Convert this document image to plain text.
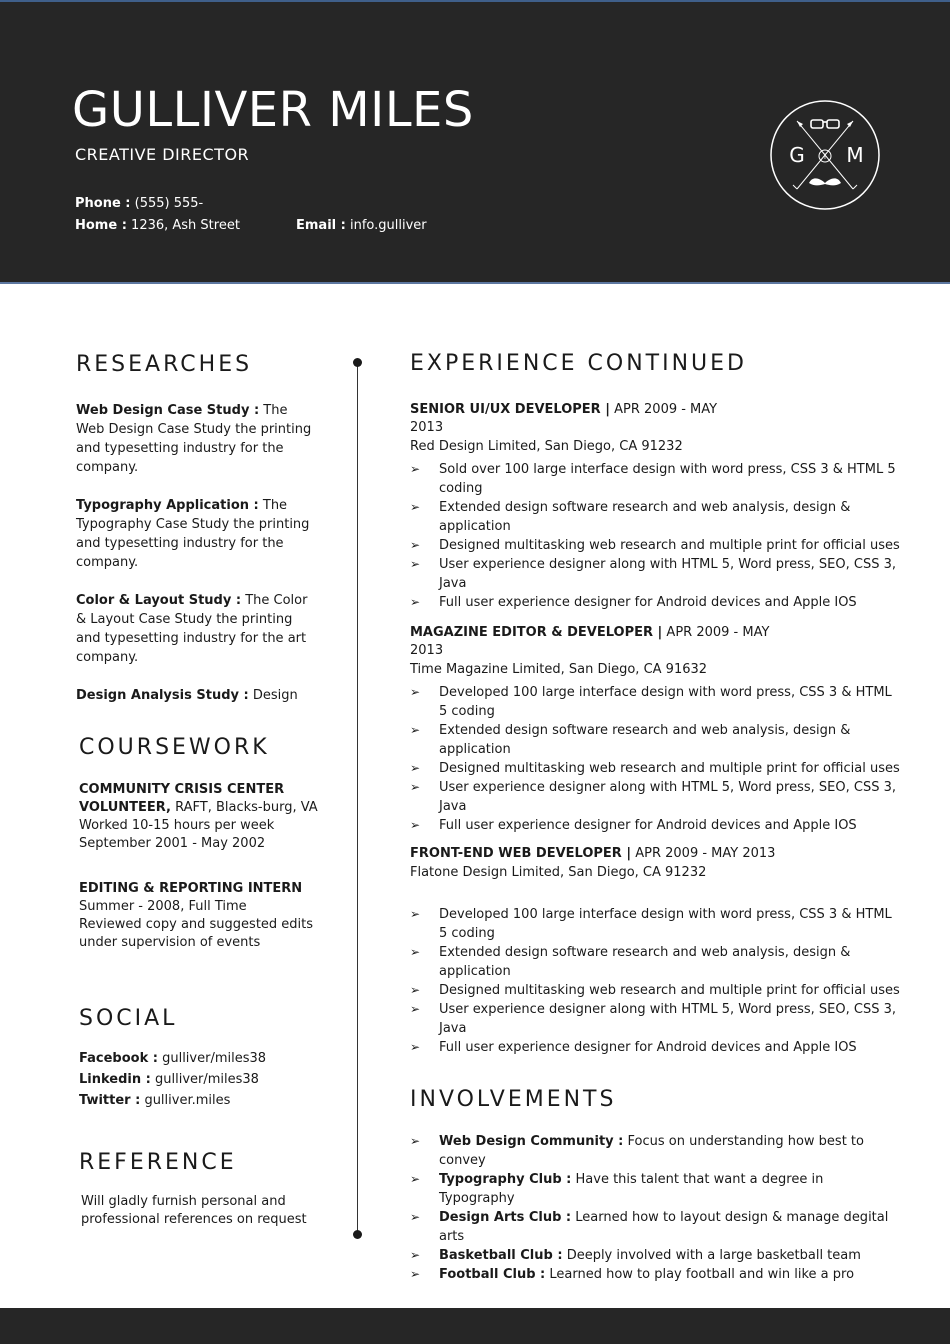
GULLIVER MILES
CREATIVE DIRECTOR
Phone : (555) 555-
Home : 1236, Ash Street	Email : info.gulliver
i
G M
RESEARCHES

Web Design Case Study : The Web Design Case Study the printing and typesetting industry for the company.

Typography Application : The Typography Case Study the printing and typesetting industry for the company.

Color & Layout Study : The Color & Layout Case Study the printing and typesetting industry for the art company.

Design Analysis Study : Design

COURSEWORK
COMMUNITY CRISIS CENTER VOLUNTEER, RAFT, Blacks-burg, VA
Worked 10-15 hours per week
September 2001 - May 2002
EDITING & REPORTING INTERN
Summer - 2008, Full Time
Reviewed copy and suggested edits under supervision of events
SOCIAL
Facebook : gulliver/miles38
Linkedin : gulliver/miles38
Twitter : gulliver.miles
REFERENCE
Will gladly furnish personal and professional references on request
EXPERIENCE CONTINUED
SENIOR UI/UX DEVELOPER | APR 2009 - MAY 2013
Red Design Limited, San Diego, CA 91232
➢ Sold over 100 large interface design with word press, CSS 3 & HTML 5 coding
➢ Extended design software research and web analysis, design & application
➢ Designed multitasking web research and multiple print for official uses
➢ User experience designer along with HTML 5, Word press, SEO, CSS 3, Java
➢ Full user experience designer for Android devices and Apple IOS
MAGAZINE EDITOR & DEVELOPER | APR 2009 - MAY 2013
Time Magazine Limited, San Diego, CA 91632
➢ Developed 100 large interface design with word press, CSS 3 & HTML 5 coding
➢ Extended design software research and web analysis, design & application
➢ Designed multitasking web research and multiple print for official uses
➢ User experience designer along with HTML 5, Word press, SEO, CSS 3, Java
➢ Full user experience designer for Android devices and Apple IOS
FRONT-END WEB DEVELOPER | APR 2009 - MAY 2013
Flatone Design Limited, San Diego, CA 91232
➢ Developed 100 large interface design with word press, CSS 3 & HTML 5 coding
➢ Extended design software research and web analysis, design & application
➢ Designed multitasking web research and multiple print for official uses
➢ User experience designer along with HTML 5, Word press, SEO, CSS 3, Java
➢ Full user experience designer for Android devices and Apple IOS
INVOLVEMENTS
➢ Web Design Community : Focus on understanding how best to convey
➢ Typography Club : Have this talent that want a degree in Typography
➢ Design Arts Club : Learned how to layout design & manage degital arts
➢ Basketball Club : Deeply involved with a large basketball team
➢ Football Club : Learned how to play football and win like a pro
